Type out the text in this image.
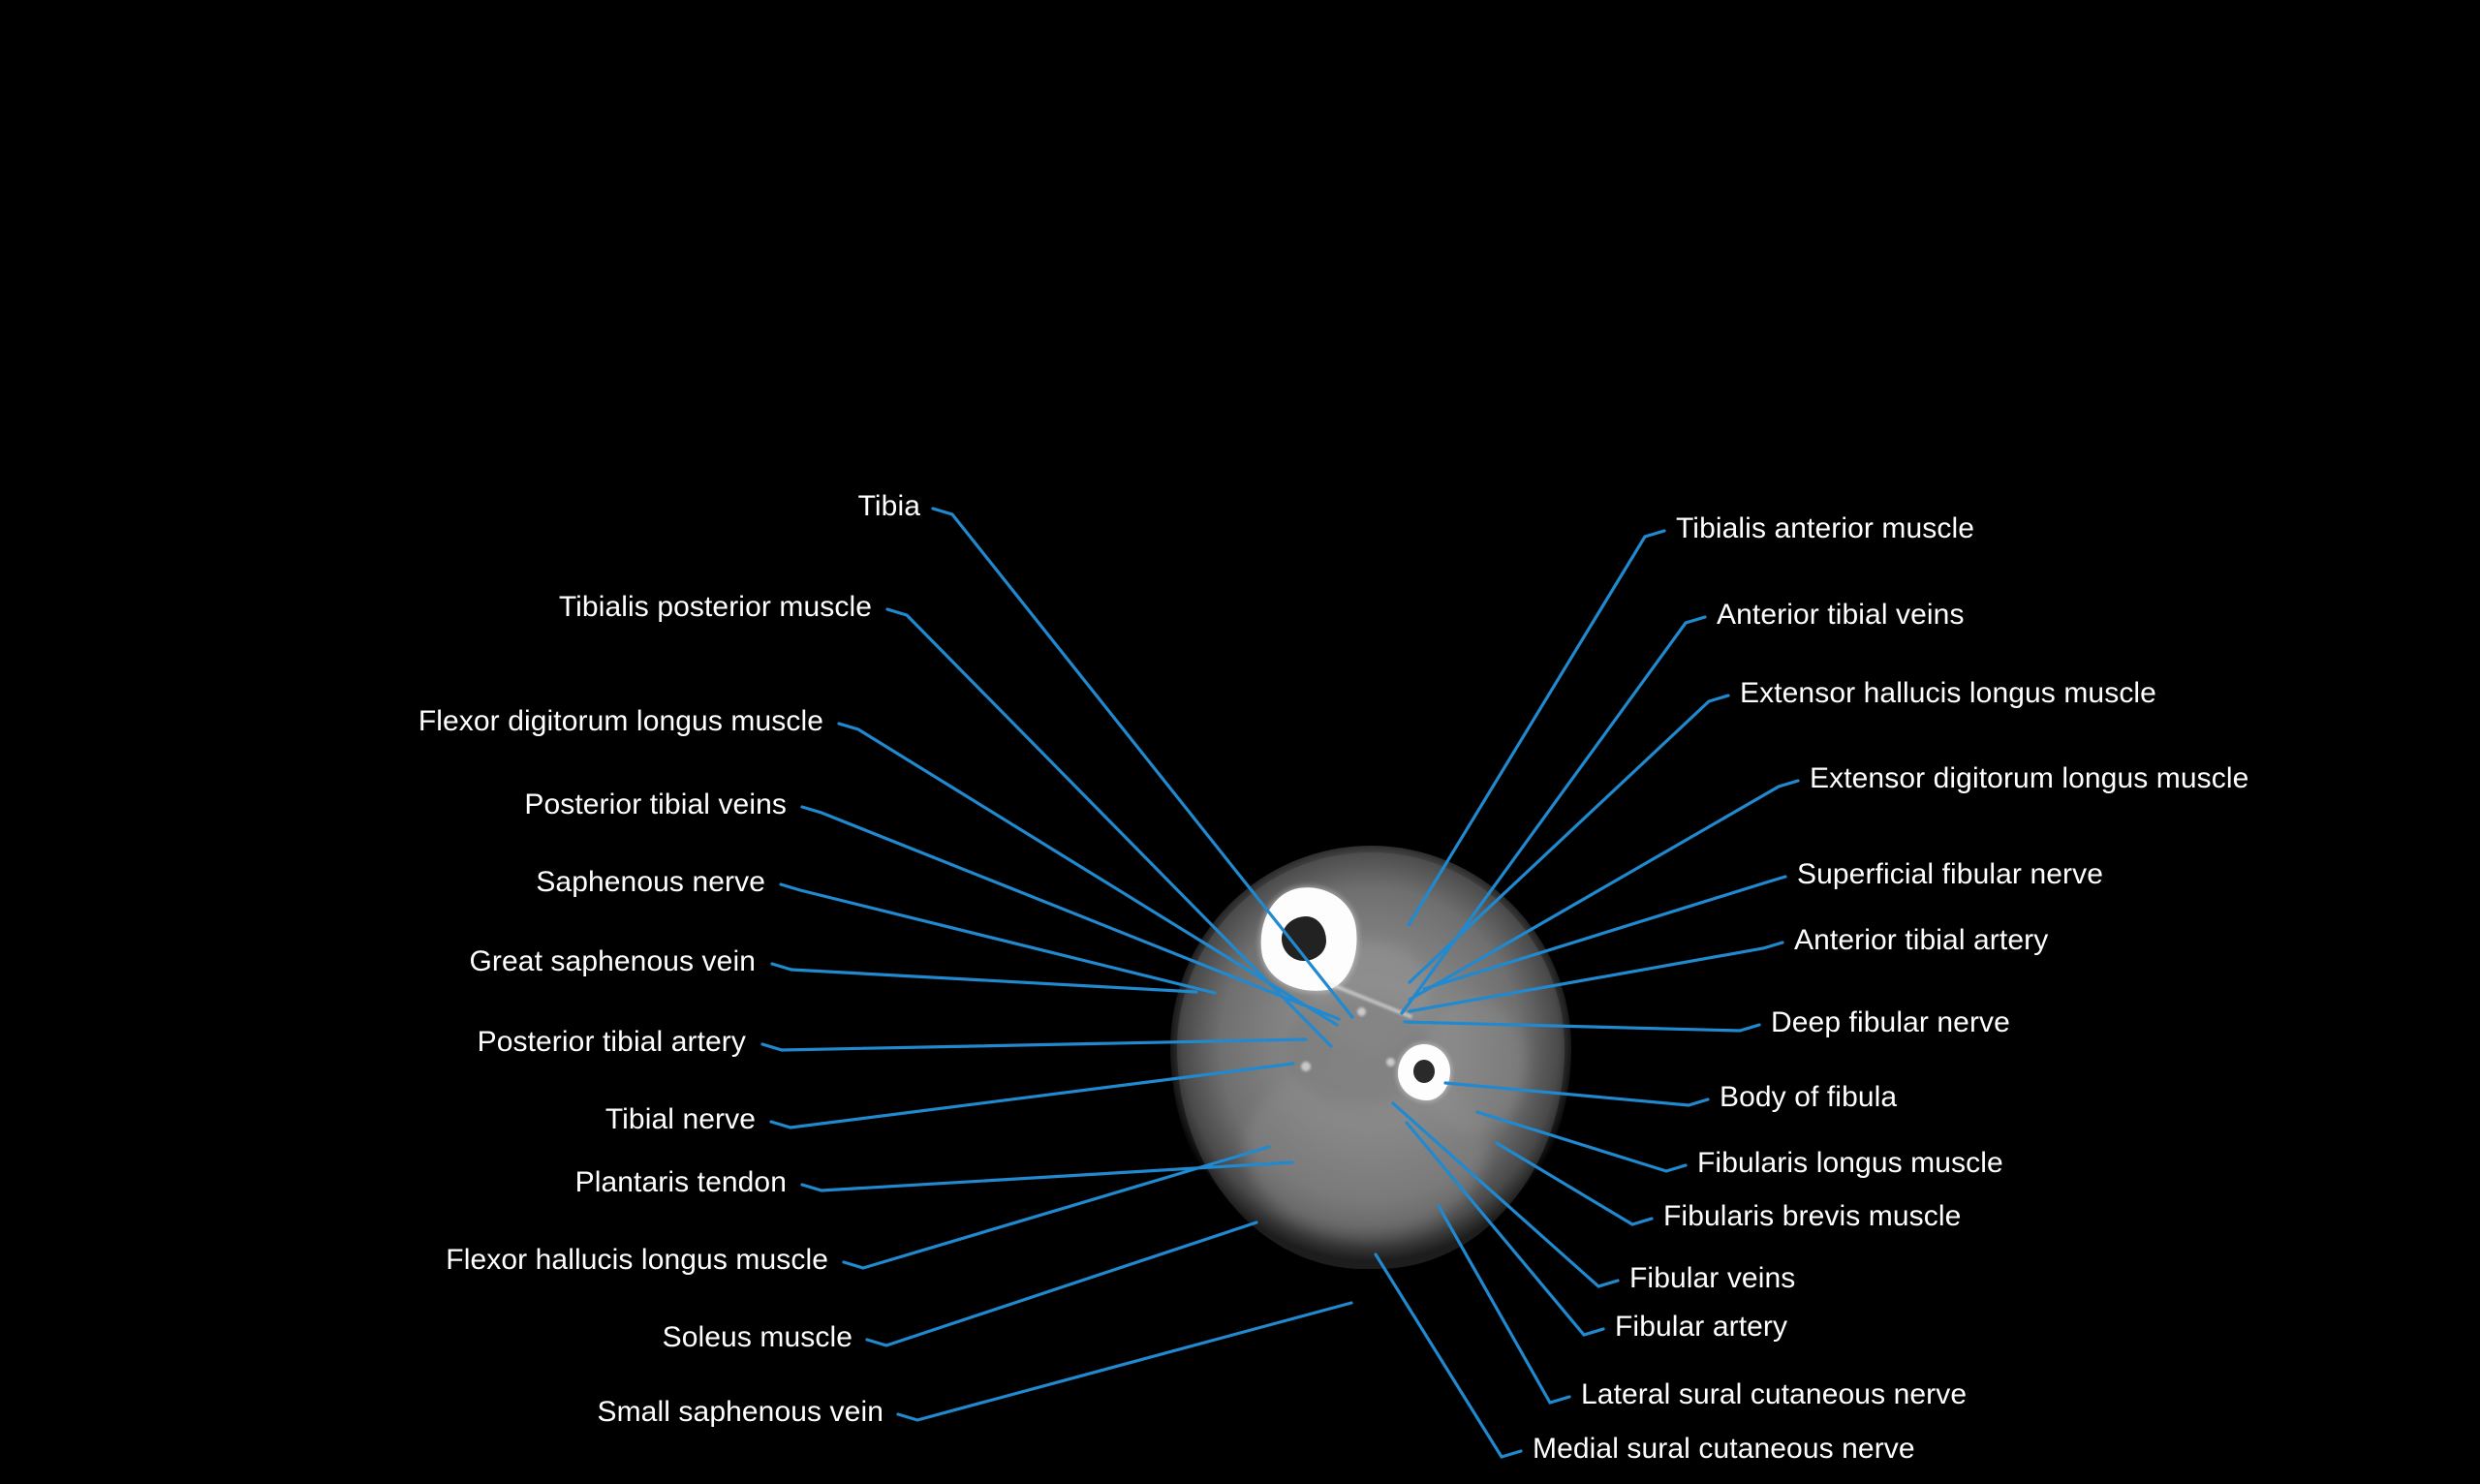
Tibia
Tibialis posterior muscle
Flexor digitorum longus muscle
Posterior tibial veins
Saphenous nerve
Great saphenous vein
Posterior tibial artery
Tibial nerve
Plantaris tendon
Flexor hallucis longus muscle
Soleus muscle
Small saphenous vein
Tibialis anterior muscle
Anterior tibial veins
Extensor hallucis longus muscle
Extensor digitorum longus muscle
Superficial fibular nerve
Anterior tibial artery
Deep fibular nerve
Body of fibula
Fibularis longus muscle
Fibularis brevis muscle
Fibular veins
Fibular artery
Lateral sural cutaneous nerve
Medial sural cutaneous nerve
